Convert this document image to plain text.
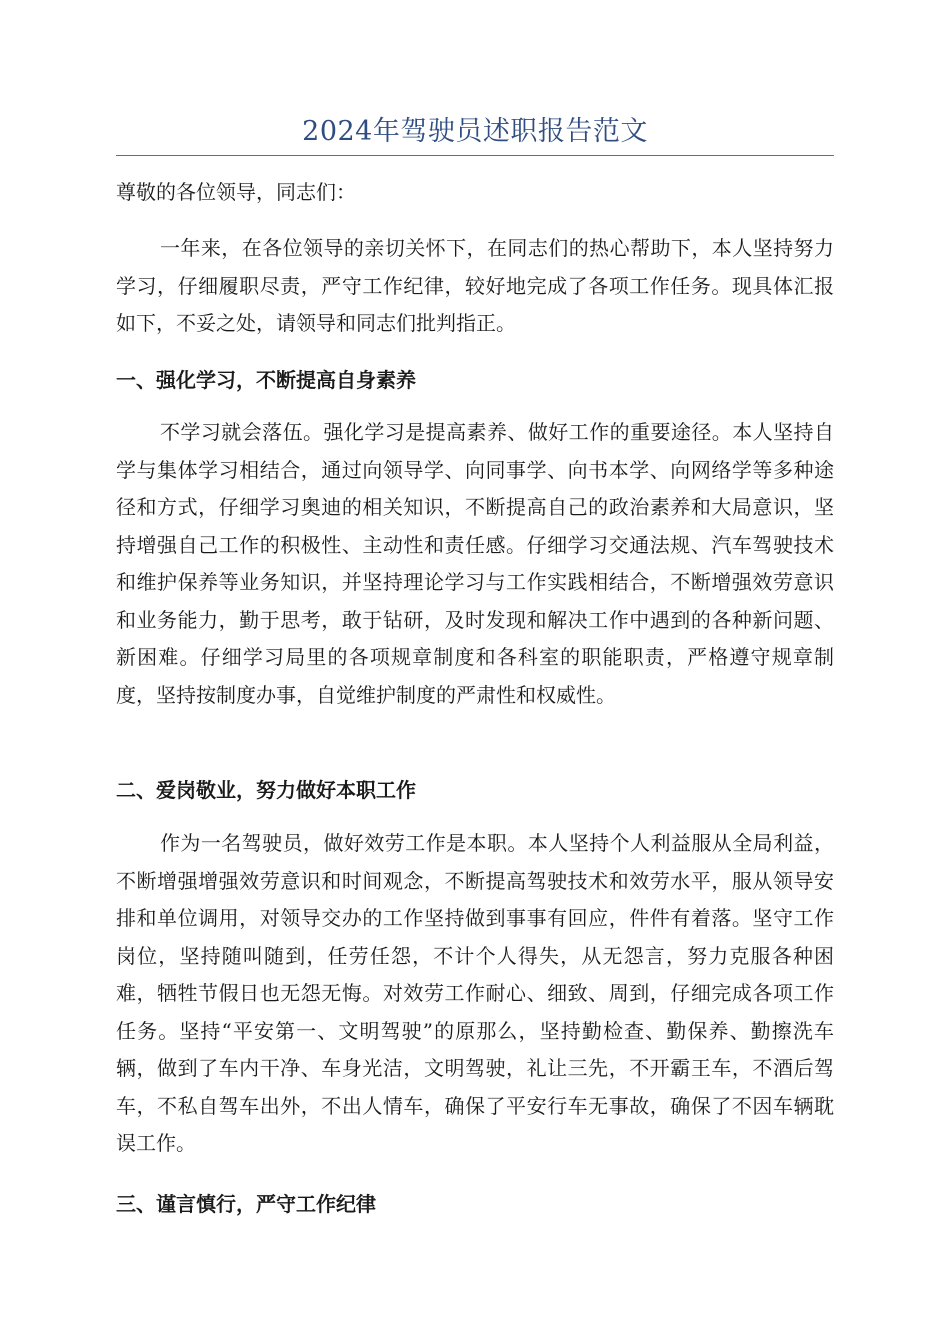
2024年驾驶员述职报告范文

尊敬的各位领导，同志们：

一年来，在各位领导的亲切关怀下，在同志们的热心帮助下，本人坚持努力学习，仔细履职尽责，严守工作纪律，较好地完成了各项工作任务。现具体汇报如下，不妥之处，请领导和同志们批判指正。

一、强化学习，不断提高自身素养

不学习就会落伍。强化学习是提高素养、做好工作的重要途径。本人坚持自学与集体学习相结合，通过向领导学、向同事学、向书本学、向网络学等多种途径和方式，仔细学习奥迪的相关知识，不断提高自己的政治素养和大局意识，坚持增强自己工作的积极性、主动性和责任感。仔细学习交通法规、汽车驾驶技术和维护保养等业务知识，并坚持理论学习与工作实践相结合，不断增强效劳意识和业务能力，勤于思考，敢于钻研，及时发现和解决工作中遇到的各种新问题、新困难。仔细学习局里的各项规章制度和各科室的职能职责，严格遵守规章制度，坚持按制度办事，自觉维护制度的严肃性和权威性。

二、爱岗敬业，努力做好本职工作

作为一名驾驶员，做好效劳工作是本职。本人坚持个人利益服从全局利益，不断增强增强效劳意识和时间观念，不断提高驾驶技术和效劳水平，服从领导安排和单位调用，对领导交办的工作坚持做到事事有回应，件件有着落。坚守工作岗位，坚持随叫随到，任劳任怨，不计个人得失，从无怨言，努力克服各种困难，牺牲节假日也无怨无悔。对效劳工作耐心、细致、周到，仔细完成各项工作任务。坚持“平安第一、文明驾驶”的原那么，坚持勤检查、勤保养、勤擦洗车辆，做到了车内干净、车身光洁，文明驾驶，礼让三先，不开霸王车，不酒后驾车，不私自驾车出外，不出人情车，确保了平安行车无事故，确保了不因车辆耽误工作。

三、谨言慎行，严守工作纪律
